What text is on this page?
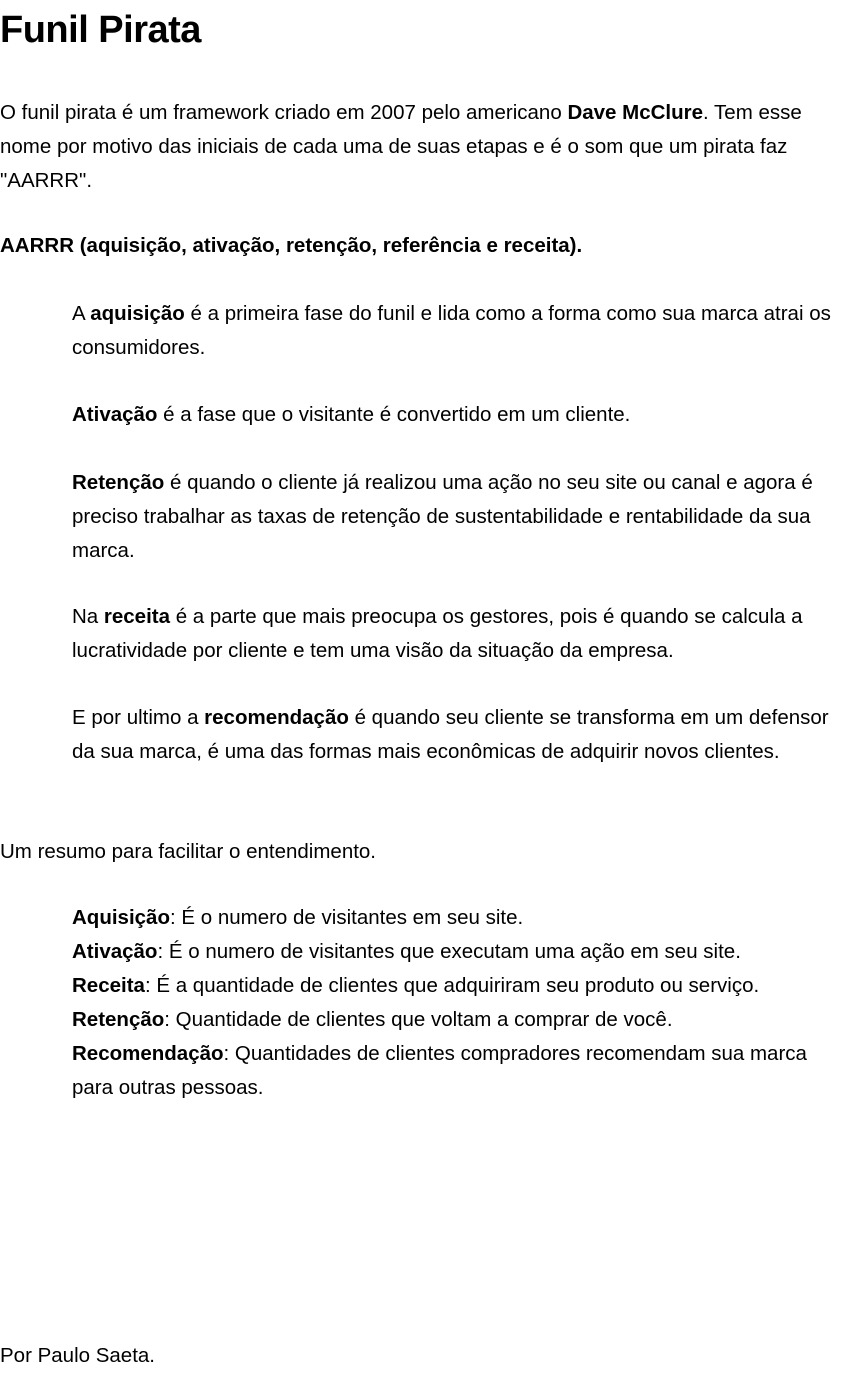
Funil Pirata

O funil pirata é um framework criado em 2007 pelo americano Dave McClure. Tem esse nome por motivo das iniciais de cada uma de suas etapas e é o som que um pirata faz "AARRR".

AARRR (aquisição, ativação, retenção, referência e receita).

A aquisição é a primeira fase do funil e lida como a forma como sua marca atrai os consumidores.

Ativação é a fase que o visitante é convertido em um cliente.

Retenção é quando o cliente já realizou uma ação no seu site ou canal e agora é preciso trabalhar as taxas de retenção de sustentabilidade e rentabilidade da sua marca.

Na receita é a parte que mais preocupa os gestores, pois é quando se calcula a lucratividade por cliente e tem uma visão da situação da empresa.

E por ultimo a recomendação é quando seu cliente se transforma em um defensor da sua marca, é uma das formas mais econômicas de adquirir novos clientes.

Um resumo para facilitar o entendimento.

Aquisição: É o numero de visitantes em seu site.

Ativação: É o numero de visitantes que executam uma ação em seu site.

Receita: É a quantidade de clientes que adquiriram seu produto ou serviço.

Retenção: Quantidade de clientes que voltam a comprar de você.

Recomendação: Quantidades de clientes compradores recomendam sua marca para outras pessoas.

Por Paulo Saeta.
